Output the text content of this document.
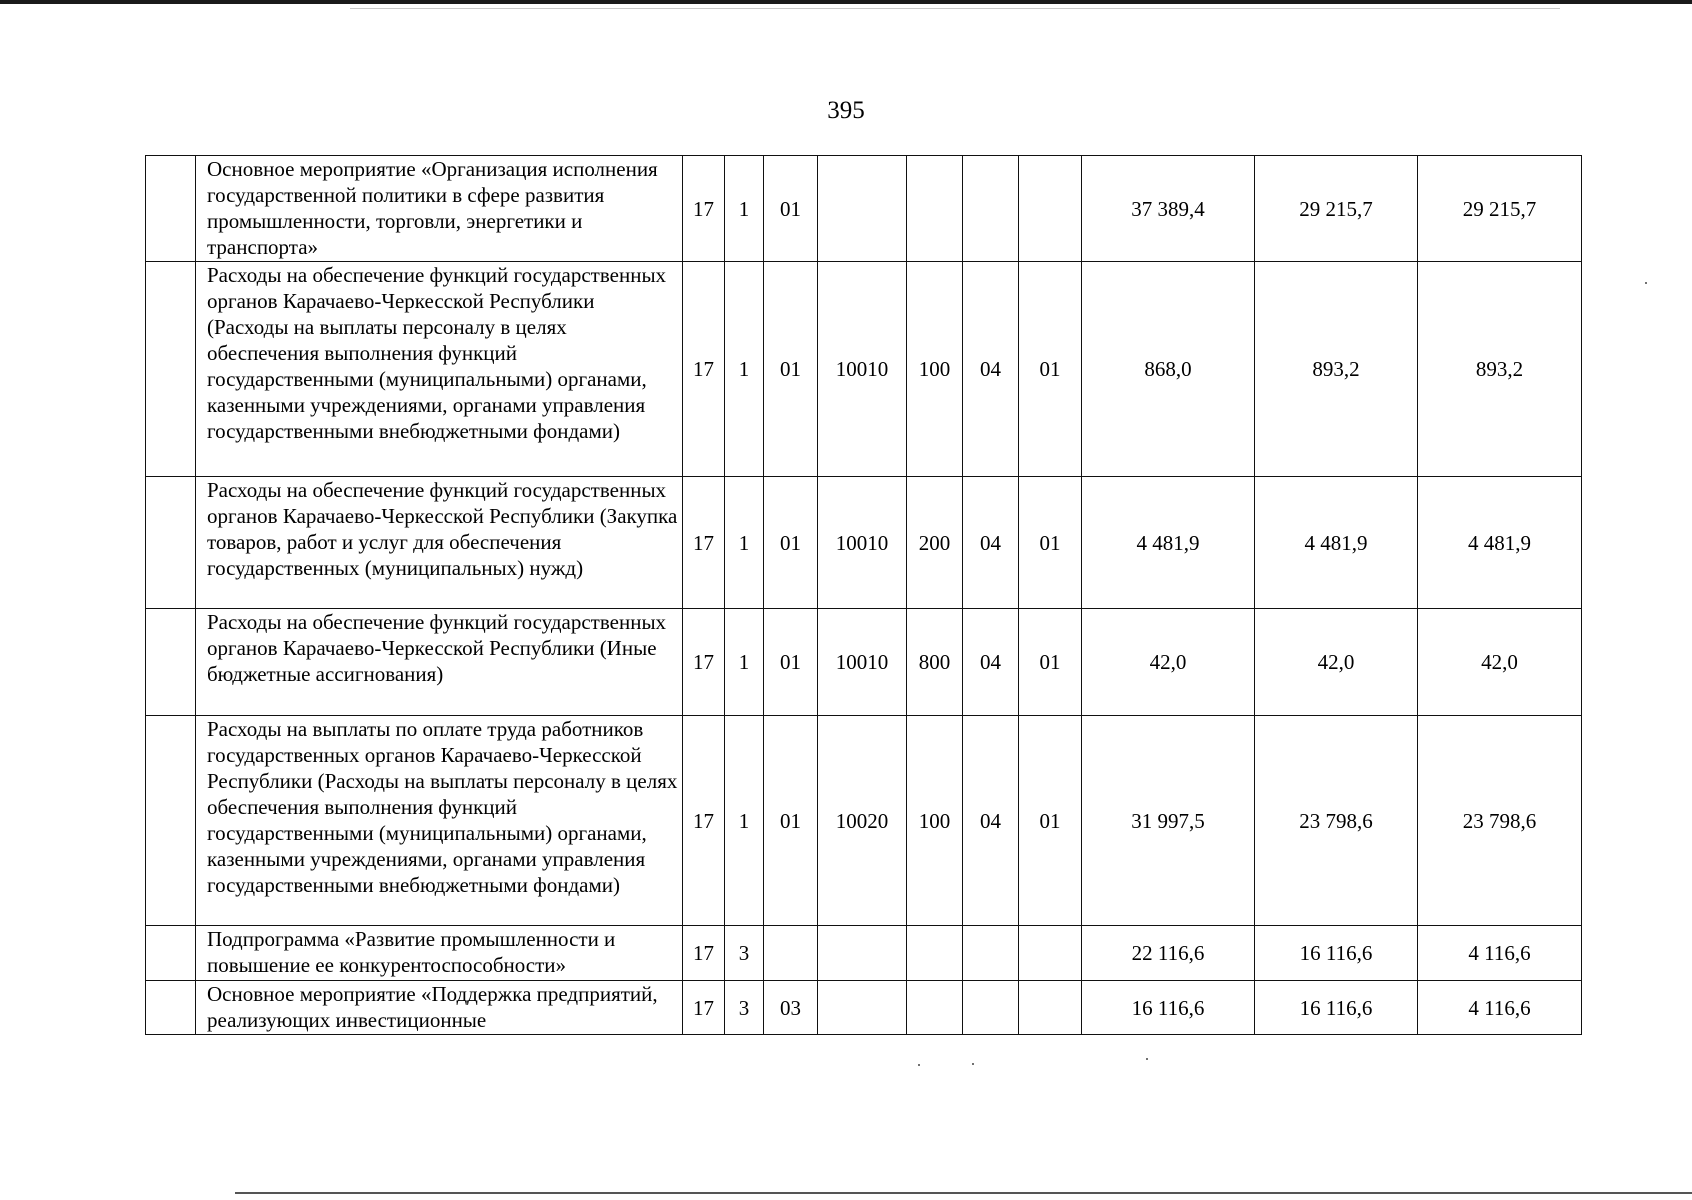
395

	Основное мероприятие «Организация исполнения государственной политики в сфере развития промышленности, торговли, энергетики и транспорта»	17	1	01					37 389,4	29 215,7	29 215,7

	Расходы на обеспечение функций государственных органов Карачаево-Черкесской Республики (Расходы на выплаты персоналу в целях обеспечения выполнения функций государственными (муниципальными) органами, казенными учреждениями, органами управления государственными внебюджетными фондами)	17	1	01	10010	100	04	01	868,0	893,2	893,2

	Расходы на обеспечение функций государственных органов Карачаево-Черкесской Республики (Закупка товаров, работ и услуг для обеспечения государственных (муниципальных) нужд)	17	1	01	10010	200	04	01	4 481,9	4 481,9	4 481,9

	Расходы на обеспечение функций государственных органов Карачаево-Черкесской Республики (Иные бюджетные ассигнования)	17	1	01	10010	800	04	01	42,0	42,0	42,0

	Расходы на выплаты по оплате труда работников государственных органов Карачаево-Черкесской Республики (Расходы на выплаты персоналу в целях обеспечения выполнения функций государственными (муниципальными) органами, казенными учреждениями, органами управления государственными внебюджетными фондами)	17	1	01	10020	100	04	01	31 997,5	23 798,6	23 798,6

	Подпрограмма «Развитие промышленности и повышение ее конкурентоспособности»	17	3						22 116,6	16 116,6	4 116,6

	Основное мероприятие «Поддержка предприятий, реализующих инвестиционные	17	3	03					16 116,6	16 116,6	4 116,6
